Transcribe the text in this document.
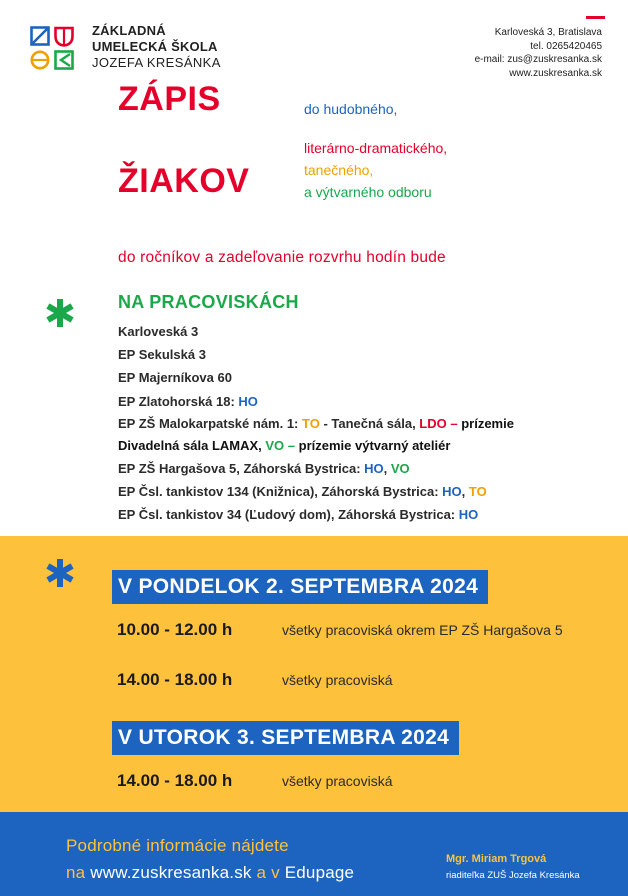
ZÁKLADNÁ
UMELECKÁ ŠKOLA
JOZEFA KRESÁNKA
Karloveská 3, Bratislava
tel. 0265420465
e-mail: zus@zuskresanka.sk
www.zuskresanka.sk
ZÁPIS
ŽIAKOV
do hudobného,
literárno-dramatického,
tanečného,
a výtvarného odboru
do ročníkov a zadeľovanie rozvrhu hodín bude
NA PRACOVISKÁCH
Karloveská 3
EP Sekulská 3
EP Majerníkova 60
EP Zlatohorská 18: HO
EP ZŠ Malokarpatské nám. 1: TO - Tanečná sála, LDO – prízemie
Divadelná sála LAMAX, VO – prízemie výtvarný ateliér
EP ZŠ Hargašova 5, Záhorská Bystrica: HO, VO
EP Čsl. tankistov 134 (Knižnica), Záhorská Bystrica: HO, TO
EP Čsl. tankistov 34 (Ľudový dom), Záhorská Bystrica: HO
V PONDELOK 2. SEPTEMBRA 2024
10.00 - 12.00 h	všetky pracoviská okrem EP ZŠ Hargašova 5
14.00 - 18.00 h	všetky pracoviská
V UTOROK 3. SEPTEMBRA 2024
14.00 - 18.00 h	všetky pracoviská
Podrobné informácie nájdete
na www.zuskresanka.sk a v Edupage
Mgr. Miriam Trgová
riaditeľka ZUŠ Jozefa Kresánka
